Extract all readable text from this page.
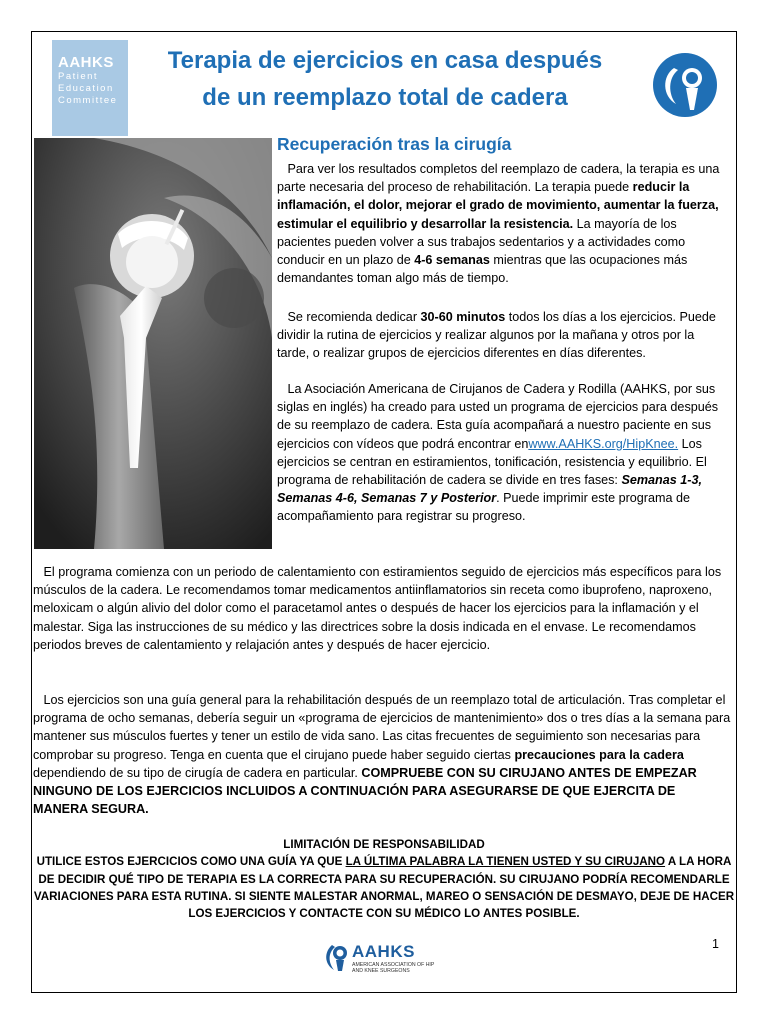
AAHKS
Patient
Education
Committee
Terapia de ejercicios en casa después
de un reemplazo total de cadera
Recuperación tras la cirugía
Para ver los resultados completos del reemplazo de cadera, la terapia es una parte necesaria del proceso de rehabilitación. La terapia puede reducir la inflamación, el dolor, mejorar el grado de movimiento, aumentar la fuerza, estimular el equilibrio y desarrollar la resistencia. La mayoría de los pacientes pueden volver a sus trabajos sedentarios y a actividades como conducir en un plazo de 4-6 semanas mientras que las ocupaciones más demandantes toman algo más de tiempo.
Se recomienda dedicar 30-60 minutos todos los días a los ejercicios. Puede dividir la rutina de ejercicios y realizar algunos por la mañana y otros por la tarde, o realizar grupos de ejercicios diferentes en días diferentes.
La Asociación Americana de Cirujanos de Cadera y Rodilla (AAHKS, por sus siglas en inglés) ha creado para usted un programa de ejercicios para después de su reemplazo de cadera. Esta guía acompañará a nuestro paciente en sus ejercicios con vídeos que podrá encontrar enwww.AAHKS.org/HipKnee. Los ejercicios se centran en estiramientos, tonificación, resistencia y equilibrio. El programa de rehabilitación de cadera se divide en tres fases: Semanas 1-3, Semanas 4-6, Semanas 7 y Posterior. Puede imprimir este programa de acompañamiento para registrar su progreso.
El programa comienza con un periodo de calentamiento con estiramientos seguido de ejercicios más específicos para los músculos de la cadera. Le recomendamos tomar medicamentos antiinflamatorios sin receta como ibuprofeno, naproxeno, meloxicam o algún alivio del dolor como el paracetamol antes o después de hacer los ejercicios para la inflamación y el malestar. Siga las instrucciones de su médico y las directrices sobre la dosis indicada en el envase. Le recomendamos periodos breves de calentamiento y relajación antes y después de hacer ejercicio.
Los ejercicios son una guía general para la rehabilitación después de un reemplazo total de articulación. Tras completar el programa de ocho semanas, debería seguir un «programa de ejercicios de mantenimiento» dos o tres días a la semana para mantener sus músculos fuertes y tener un estilo de vida sano. Las citas frecuentes de seguimiento son necesarias para comprobar su progreso. Tenga en cuenta que el cirujano puede haber seguido ciertas precauciones para la cadera dependiendo de su tipo de cirugía de cadera en particular. COMPRUEBE CON SU CIRUJANO ANTES DE EMPEZAR NINGUNO DE LOS EJERCICIOS INCLUIDOS A CONTINUACIÓN PARA ASEGURARSE DE QUE EJERCITA DE MANERA SEGURA.
LIMITACIÓN DE RESPONSABILIDAD
UTILICE ESTOS EJERCICIOS COMO UNA GUÍA YA QUE LA ÚLTIMA PALABRA LA TIENEN USTED Y SU CIRUJANO A LA HORA DE DECIDIR QUÉ TIPO DE TERAPIA ES LA CORRECTA PARA SU RECUPERACIÓN. SU CIRUJANO PODRÍA RECOMENDARLE VARIACIONES PARA ESTA RUTINA. SI SIENTE MALESTAR ANORMAL, MAREO O SENSACIÓN DE DESMAYO, DEJE DE HACER LOS EJERCICIOS Y CONTACTE CON SU MÉDICO LO ANTES POSIBLE.
1
AAHKS
AMERICAN ASSOCIATION OF HIP AND KNEE SURGEONS
